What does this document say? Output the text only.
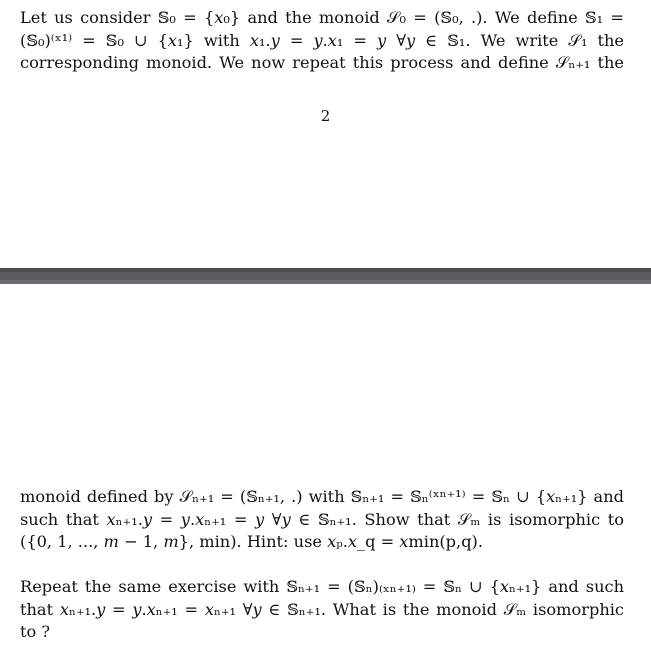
Let us consider 𝕊₀ = {𝑥₀} and the monoid 𝒮₀ = (𝕊₀, .). We define 𝕊₁ =
(𝕊₀)⁽ˣ¹⁾ = 𝕊₀ ∪ {𝑥₁} with 𝑥₁.𝑦 = 𝑦.𝑥₁ = 𝑦 ∀𝑦 ∈ 𝕊₁. We write 𝒮₁ the
corresponding monoid. We now repeat this process and define 𝒮ₙ₊₁ the
2
monoid defined by 𝒮ₙ₊₁ = (𝕊ₙ₊₁, .) with 𝕊ₙ₊₁ = 𝕊ₙ⁽ˣⁿ⁺¹⁾ = 𝕊ₙ ∪ {𝑥ₙ₊₁} and
such that 𝑥ₙ₊₁.𝑦 = 𝑦.𝑥ₙ₊₁ = 𝑦 ∀𝑦 ∈ 𝕊ₙ₊₁. Show that 𝒮ₘ is isomorphic to
({0, 1, ..., 𝑚 − 1, 𝑚}, min). Hint: use 𝑥ₚ.𝑥_q = 𝑥min(p,q).
Repeat the same exercise with 𝕊ₙ₊₁ = (𝕊ₙ)₍ₓₙ₊₁₎ = 𝕊ₙ ∪ {𝑥ₙ₊₁} and such
that 𝑥ₙ₊₁.𝑦 = 𝑦.𝑥ₙ₊₁ = 𝑥ₙ₊₁ ∀𝑦 ∈ 𝕊ₙ₊₁. What is the monoid 𝒮ₘ isomorphic
to ?
